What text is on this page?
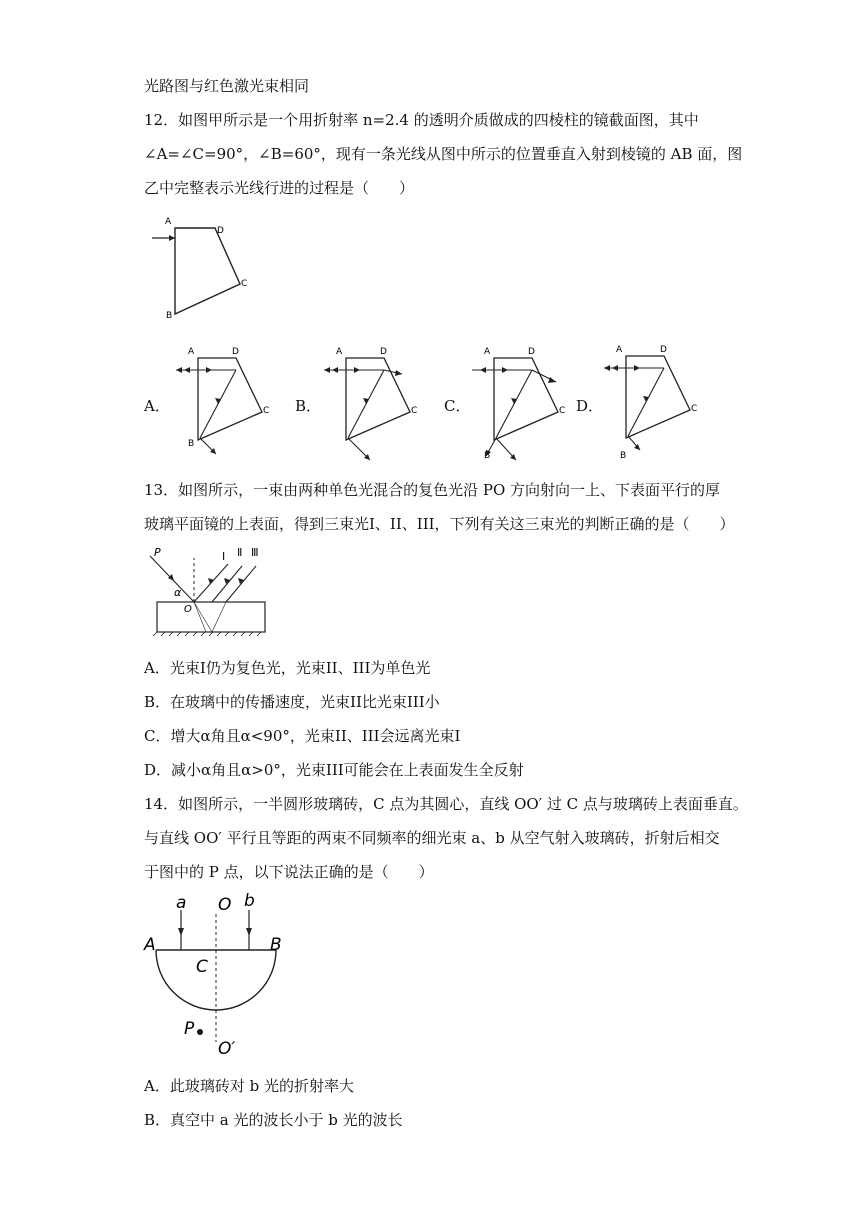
光路图与红色激光束相同
12．如图甲所示是一个用折射率 n=2.4 的透明介质做成的四棱柱的镜截面图，其中
∠A=∠C=90°，∠B=60°，现有一条光线从图中所示的位置垂直入射到棱镜的 AB 面，图
乙中完整表示光线行进的过程是（　　）
A
D
C
B
A．
A	D
C
B
B．
A	D
C C．
A	D
C
B
D．
A	D
C
B
13．如图所示，一束由两种单色光混合的复色光沿 PO 方向射向一上、下表面平行的厚
玻璃平面镜的上表面，得到三束光I、II、III，下列有关这三束光的判断正确的是（　　）
P
α
O
I Ⅱ Ⅲ
A．光束I仍为复色光，光束II、III为单色光
B．在玻璃中的传播速度，光束II比光束III小
C．增大α角且α<90°，光束II、III会远离光束I
D．减小α角且α>0°，光束III可能会在上表面发生全反射
14．如图所示，一半圆形玻璃砖，C 点为其圆心，直线 OO′ 过 C 点与玻璃砖上表面垂直。
与直线 OO′ 平行且等距的两束不同频率的细光束 a、b 从空气射入玻璃砖，折射后相交
于图中的 P 点，以下说法正确的是（　　）
a	b
O
A	B
C
P
O′
A．此玻璃砖对 b 光的折射率大
B．真空中 a 光的波长小于 b 光的波长
